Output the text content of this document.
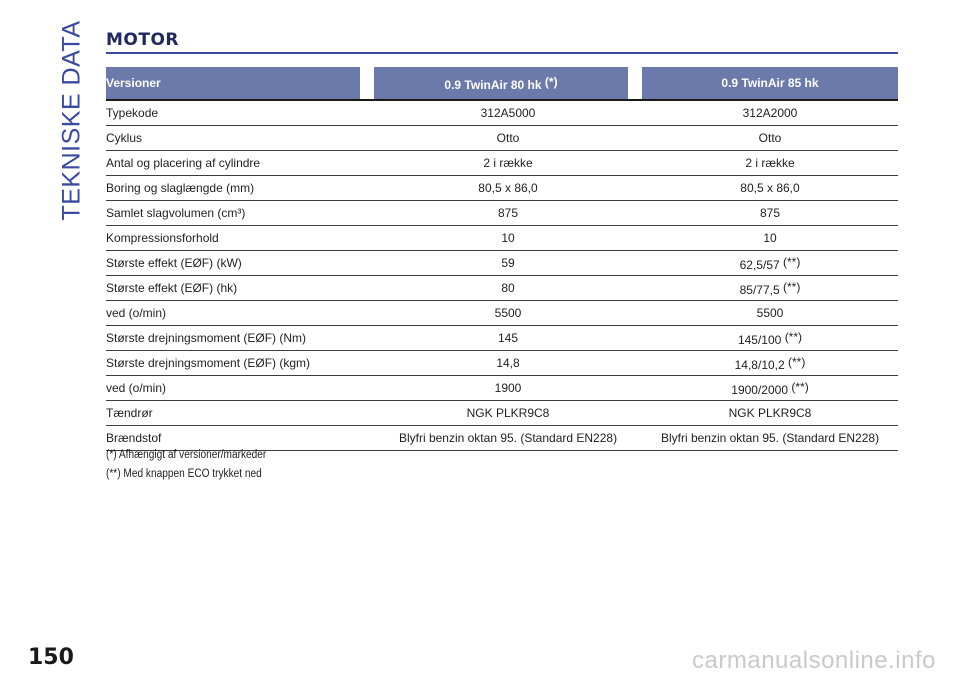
TEKNISKE DATA MOTOR
Versioner		0.9 TwinAir 80 hk (*)		0.9 TwinAir 85 hk
Typekode		312A5000		312A2000
Cyklus		Otto		Otto
Antal og placering af cylindre		2 i række		2 i række
Boring og slaglængde (mm)		80,5 x 86,0		80,5 x 86,0
Samlet slagvolumen (cm³)		875		875
Kompressionsforhold		10		10
Største effekt (EØF) (kW)		59		62,5/57 (**)
Største effekt (EØF) (hk)		80		85/77,5 (**)
ved (o/min)		5500		5500
Største drejningsmoment (EØF) (Nm)		145		145/100 (**)
Største drejningsmoment (EØF) (kgm)		14,8		14,8/10,2 (**)
ved (o/min)		1900		1900/2000 (**)
Tændrør		NGK PLKR9C8		NGK PLKR9C8
Brændstof		Blyfri benzin oktan 95. (Standard EN228)		Blyfri benzin oktan 95. (Standard EN228)
(*) Afhængigt af versioner/markeder
(**) Med knappen ECO trykket ned
150	carmanualsonline.info
